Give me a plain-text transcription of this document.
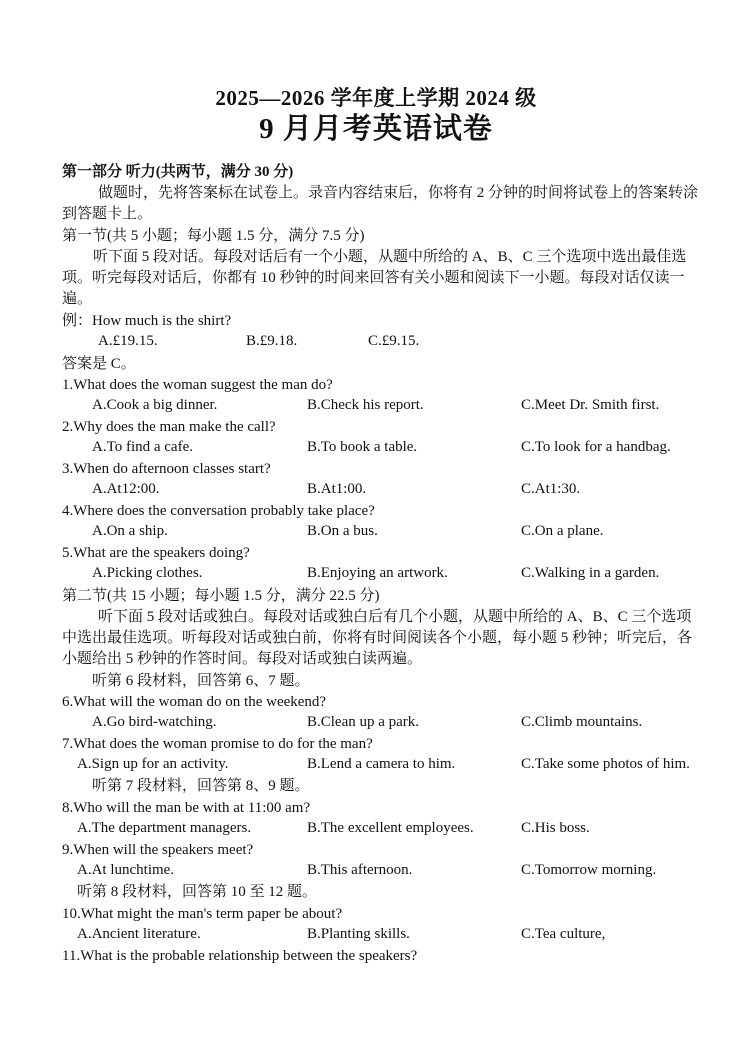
2025—2026 学年度上学期 2024 级
9 月月考英语试卷
第一部分 听力(共两节，满分 30 分)
做题时，先将答案标在试卷上。录音内容结束后，你将有 2 分钟的时间将试卷上的答案转涂
到答题卡上。
第一节(共 5 小题；每小题 1.5 分，满分 7.5 分)
听下面 5 段对话。每段对话后有一个小题，从题中所给的 A、B、C 三个选项中选出最佳选
项。听完每段对话后，你都有 10 秒钟的时间来回答有关小题和阅读下一小题。每段对话仅读一
遍。
例：How much is the shirt?
A.£19.15.	B.£9.18.	C.£9.15.
答案是 C。
1.What does the woman suggest the man do?
A.Cook a big dinner.	B.Check his report.	C.Meet Dr. Smith first.
2.Why does the man make the call?
A.To find a cafe.	B.To book a table.	C.To look for a handbag.
3.When do afternoon classes start?
A.At12:00.	B.At1:00.	C.At1:30.
4.Where does the conversation probably take place?
A.On a ship.	B.On a bus.	C.On a plane.
5.What are the speakers doing?
A.Picking clothes.	B.Enjoying an artwork.	C.Walking in a garden.
第二节(共 15 小题；每小题 1.5 分，满分 22.5 分)
听下面 5 段对话或独白。每段对话或独白后有几个小题，从题中所给的 A、B、C 三个选项
中选出最佳选项。听每段对话或独白前，你将有时间阅读各个小题，每小题 5 秒钟；听完后，各
小题给出 5 秒钟的作答时间。每段对话或独白读两遍。
听第 6 段材料，回答第 6、7 题。
6.What will the woman do on the weekend?
A.Go bird-watching.	B.Clean up a park.	C.Climb mountains.
7.What does the woman promise to do for the man?
A.Sign up for an activity.	B.Lend a camera to him.	C.Take some photos of him.
听第 7 段材料，回答第 8、9 题。
8.Who will the man be with at 11:00 am?
A.The department managers.	B.The excellent employees.	C.His boss.
9.When will the speakers meet?
A.At lunchtime.	B.This afternoon.	C.Tomorrow morning.
听第 8 段材料，回答第 10 至 12 题。
10.What might the man's term paper be about?
A.Ancient literature.	B.Planting skills.	C.Tea culture,
11.What is the probable relationship between the speakers?
